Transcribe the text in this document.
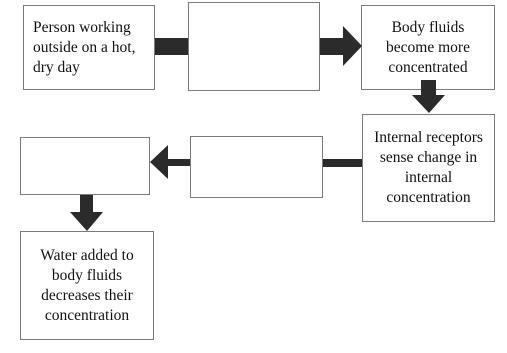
Person working
outside on a hot,
dry day
Body fluids
become more
concentrated
Internal receptors
sense change in
internal
concentration
Water added to
body fluids
decreases their
concentration
